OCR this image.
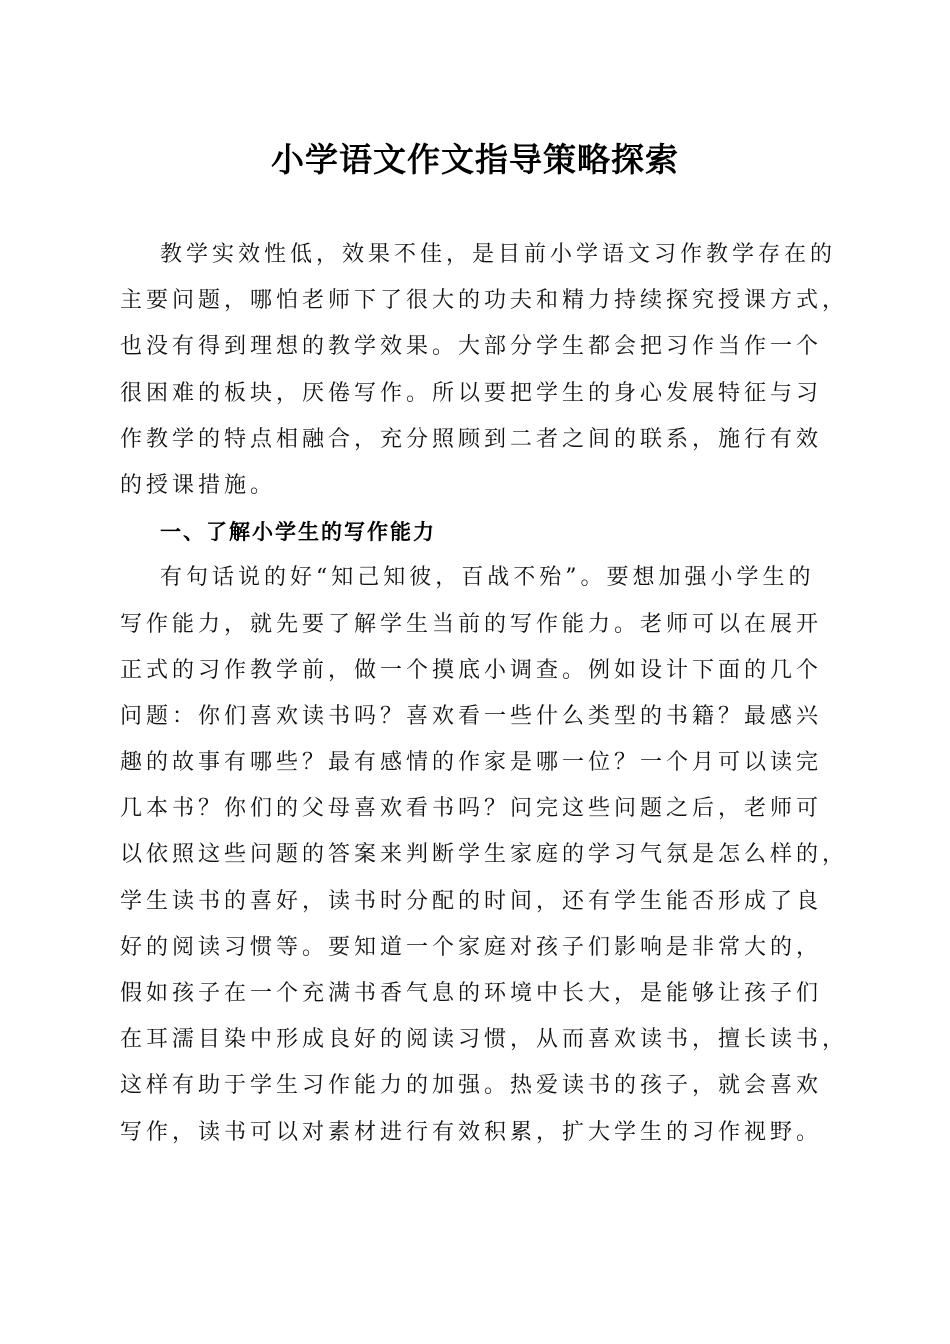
小学语文作文指导策略探索
教学实效性低，效果不佳，是目前小学语文习作教学存在的
主要问题，哪怕老师下了很大的功夫和精力持续探究授课方式，
也没有得到理想的教学效果。大部分学生都会把习作当作一个
很困难的板块，厌倦写作。所以要把学生的身心发展特征与习
作教学的特点相融合，充分照顾到二者之间的联系，施行有效
的授课措施。
一、了解小学生的写作能力
有句话说的好“知己知彼，百战不殆”。要想加强小学生的
写作能力，就先要了解学生当前的写作能力。老师可以在展开
正式的习作教学前，做一个摸底小调查。例如设计下面的几个
问题：你们喜欢读书吗？喜欢看一些什么类型的书籍？最感兴
趣的故事有哪些？最有感情的作家是哪一位？一个月可以读完
几本书？你们的父母喜欢看书吗？问完这些问题之后，老师可
以依照这些问题的答案来判断学生家庭的学习气氛是怎么样的，
学生读书的喜好，读书时分配的时间，还有学生能否形成了良
好的阅读习惯等。要知道一个家庭对孩子们影响是非常大的，
假如孩子在一个充满书香气息的环境中长大，是能够让孩子们
在耳濡目染中形成良好的阅读习惯，从而喜欢读书，擅长读书，
这样有助于学生习作能力的加强。热爱读书的孩子，就会喜欢
写作，读书可以对素材进行有效积累，扩大学生的习作视野。
